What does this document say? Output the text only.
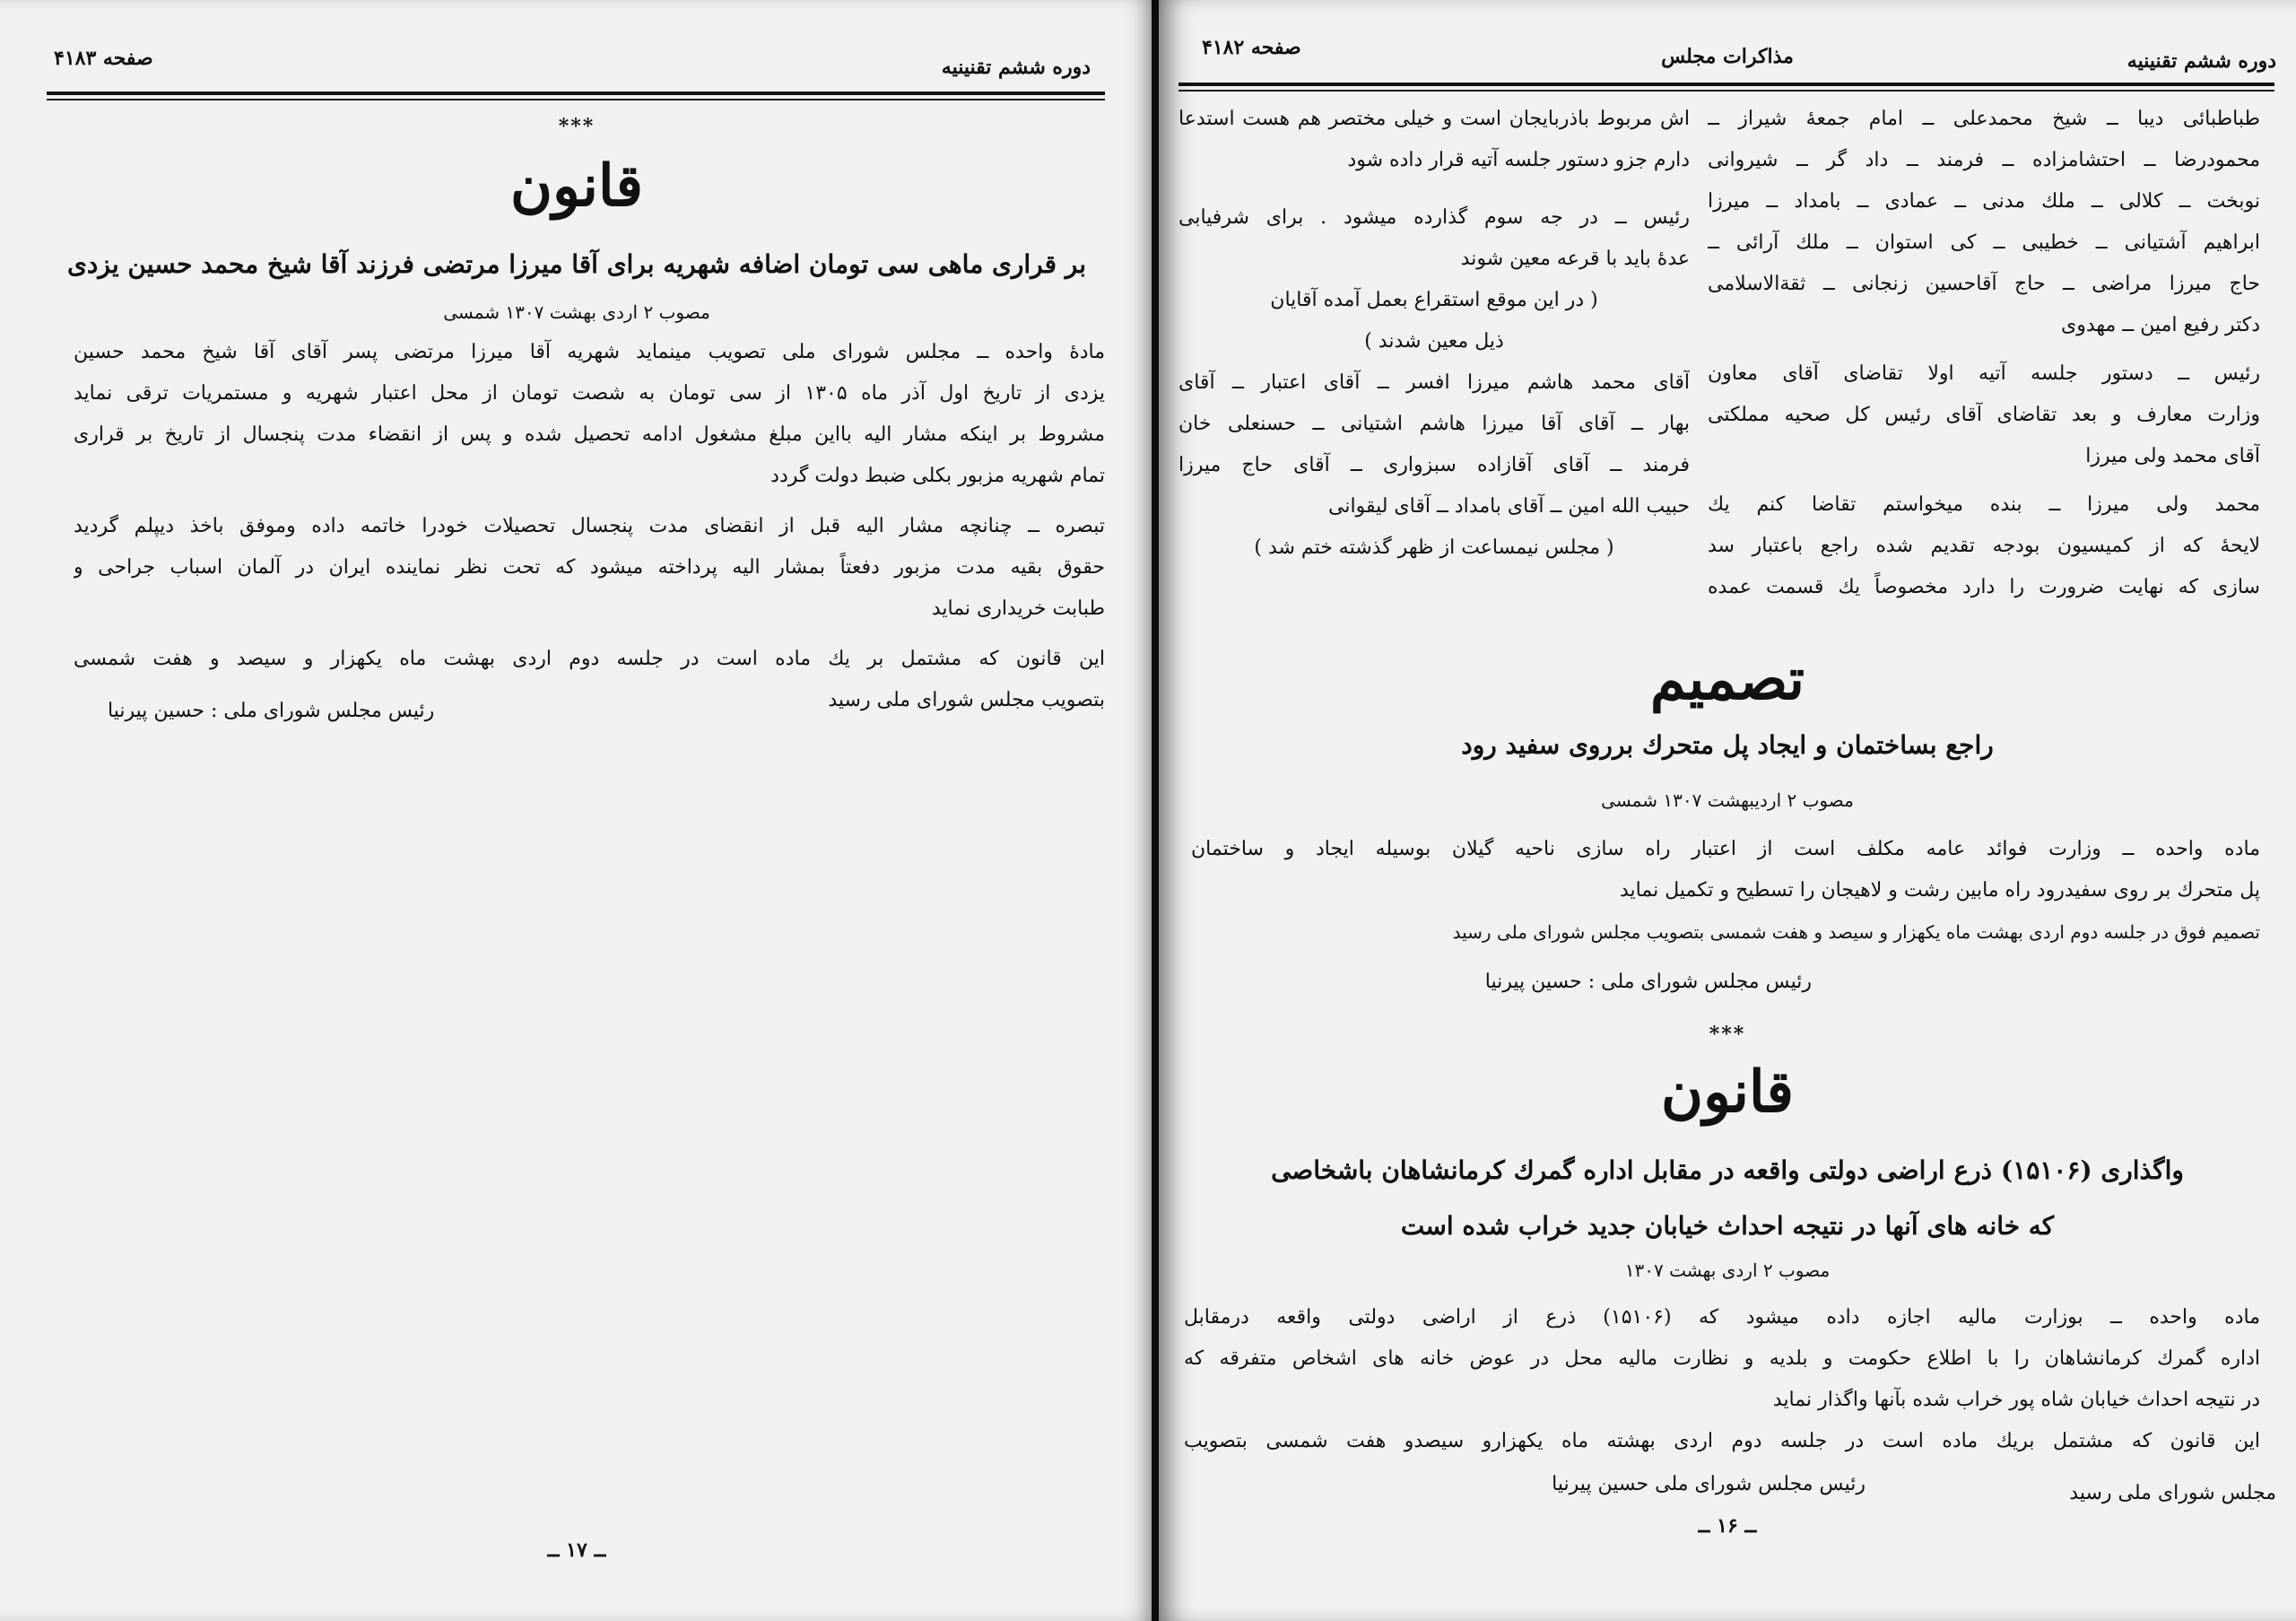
صفحه ۴۱۸۳	دوره ششم تقنينيه
***
قانون
بر قرارى ماهى سى تومان اضافه شهريه براى آقا ميرزا مرتضى فرزند آقا شيخ محمد حسين يزدى
مصوب ۲ اردى بهشت ۱۳۰۷ شمسى
مادهٔ واحده ــ مجلس شوراى ملى تصويب مينمايد شهريه آقا ميرزا مرتضى پسر آقاى آقا شيخ محمد حسين
يزدى از تاريخ اول آذر ماه ۱۳۰۵ از سى تومان به شصت تومان از محل اعتبار شهريه و مستمريات ترقى نمايد
مشروط بر اينكه مشار اليه بااين مبلغ مشغول ادامه تحصيل شده و پس از انقضاء مدت پنجسال از تاريخ بر قرارى
تمام شهريه مزبور بكلى ضبط دولت گردد
تبصره ــ چنانچه مشار اليه قبل از انقضاى مدت پنجسال تحصيلات خودرا خاتمه داده وموفق باخذ ديپلم گرديد
حقوق بقيه مدت مزبور دفعتاً بمشار اليه پرداخته ميشود كه تحت نظر نماينده ايران در آلمان اسباب جراحى و
طبابت خريدارى نمايد
اين قانون كه مشتمل بر يك ماده است در جلسه دوم اردى بهشت ماه يكهزار و سيصد و هفت شمسى
بتصويب مجلس شوراى ملى رسيد
رئيس مجلس شوراى ملى : حسين پيرنيا
ــ ۱۷ ــ
صفحه ۴۱۸۲	مذاكرات مجلس	دوره ششم تقنينيه
طباطبائى ديبا ــ شيخ محمدعلى ــ امام جمعهٔ شيراز ــ
محمودرضا ــ احتشامزاده ــ فرمند ــ داد گر ــ شيروانى
نوبخت ــ كلالى ــ ملك مدنى ــ عمادى ــ بامداد ــ ميرزا
ابراهيم آشتيانى ــ خطيبى ــ كى استوان ــ ملك آرائى ــ
حاج ميرزا مراضى ــ حاج آقاحسين زنجانى ــ ثقةالاسلامى
دكتر رفيع امين ــ مهدوى
رئيس ــ دستور جلسه آتيه اولا تقاضاى آقاى معاون
وزارت معارف و بعد تقاضاى آقاى رئيس كل صحيه مملكتى
آقاى محمد ولى ميرزا
محمد ولى ميرزا ــ بنده ميخواستم تقاضا كنم يك
لايحهٔ كه از كميسيون بودجه تقديم شده راجع باعتبار سد
سازى كه نهايت ضرورت را دارد مخصوصاً يك قسمت عمده
اش مربوط باذربايجان است و خيلى مختصر هم هست استدعا
دارم جزو دستور جلسه آتيه قرار داده شود
رئيس ــ در جه سوم گذارده ميشود . براى شرفيابى
عدهٔ بايد با قرعه معين شوند
( در اين موقع استقراع بعمل آمده آقايان
ذيل معين شدند )
آقاى محمد هاشم ميرزا افسر ــ آقاى اعتبار ــ آقاى
بهار ــ آقاى آقا ميرزا هاشم اشتيانى ــ حسنعلى خان
فرمند ــ آقاى آقازاده سبزوارى ــ آقاى حاج ميرزا
حبيب الله امين ــ آقاى بامداد ــ آقاى ليقوانى
( مجلس نيمساعت از ظهر گذشته ختم شد )
تصميم
راجع بساختمان و ايجاد پل متحرك برروى سفيد رود
مصوب ۲ ارديبهشت ۱۳۰۷ شمسى
ماده واحده ــ وزارت فوائد عامه مكلف است از اعتبار راه سازى ناحيه گيلان بوسيله ايجاد و ساختمان
پل متحرك بر روى سفيدرود راه مابين رشت و لاهيجان را تسطيح و تكميل نمايد
تصميم فوق در جلسه دوم اردى بهشت ماه يكهزار و سيصد و هفت شمسى بتصويب مجلس شوراى ملى رسيد
رئيس مجلس شوراى ملى : حسين پيرنيا
***
قانون
واگذارى (۱۵۱۰۶) ذرع اراضى دولتى واقعه در مقابل اداره گمرك كرمانشاهان باشخاصى
كه خانه هاى آنها در نتيجه احداث خيابان جديد خراب شده است
مصوب ۲ اردى بهشت ۱۳۰۷
ماده واحده ــ بوزارت ماليه اجازه داده ميشود كه (۱۵۱۰۶) ذرع از اراضى دولتى واقعه درمقابل
اداره گمرك كرمانشاهان را با اطلاع حكومت و بلديه و نظارت ماليه محل در عوض خانه هاى اشخاص متفرقه كه
در نتيجه احداث خيابان شاه پور خراب شده بآنها واگذار نمايد
اين قانون كه مشتمل بريك ماده است در جلسه دوم اردى بهشته ماه يكهزارو سيصدو هفت شمسى بتصويب
مجلس شوراى ملى رسيد
رئيس مجلس شوراى ملى حسين پيرنيا
ــ ۱۶ ــ
